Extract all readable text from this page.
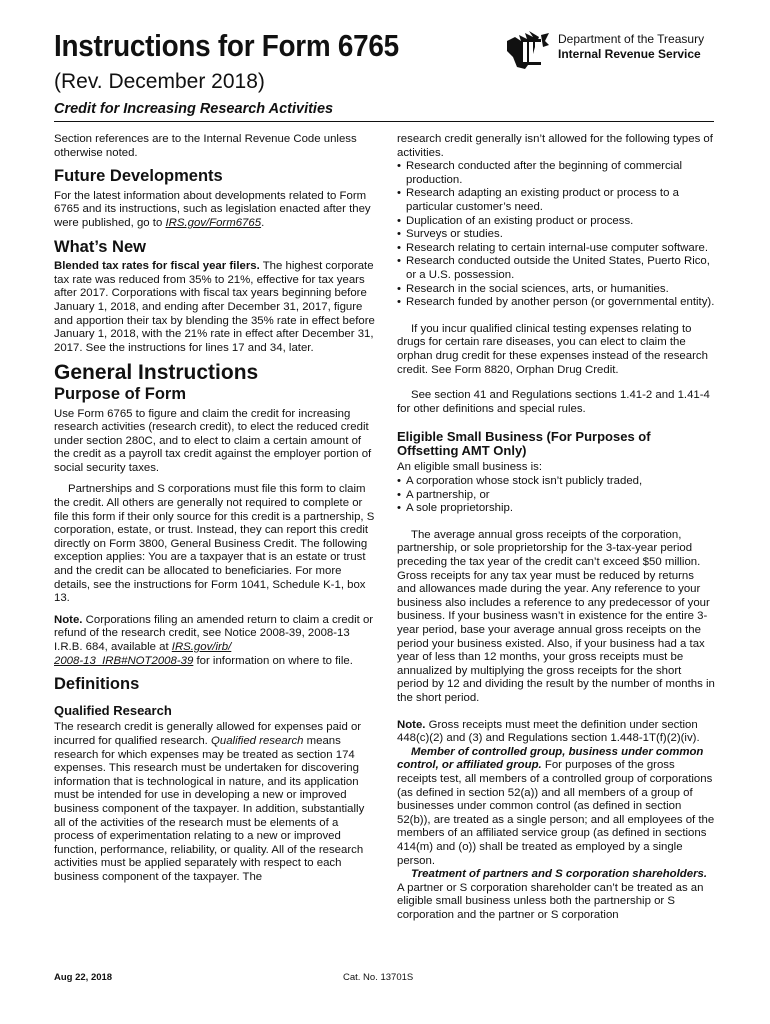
Instructions for Form 6765
(Rev. December 2018)
Credit for Increasing Research Activities
Department of the Treasury
Internal Revenue Service

Section references are to the Internal Revenue Code unless otherwise noted.

Future Developments

For the latest information about developments related to Form 6765 and its instructions, such as legislation enacted after they were published, go to IRS.gov/Form6765.

What’s New

Blended tax rates for fiscal year filers. The highest corporate tax rate was reduced from 35% to 21%, effective for tax years after 2017. Corporations with fiscal tax years beginning before January 1, 2018, and ending after December 31, 2017, figure and apportion their tax by blending the 35% rate in effect before January 1, 2018, with the 21% rate in effect after December 31, 2017. See the instructions for lines 17 and 34, later.

General Instructions
Purpose of Form

Use Form 6765 to figure and claim the credit for increasing research activities (research credit), to elect the reduced credit under section 280C, and to elect to claim a certain amount of the credit as a payroll tax credit against the employer portion of social security taxes.

Partnerships and S corporations must file this form to claim the credit. All others are generally not required to complete or file this form if their only source for this credit is a partnership, S corporation, estate, or trust. Instead, they can report this credit directly on Form 3800, General Business Credit. The following exception applies: You are a taxpayer that is an estate or trust and the credit can be allocated to beneficiaries. For more details, see the instructions for Form 1041, Schedule K-1, box 13.

Note. Corporations filing an amended return to claim a credit or refund of the research credit, see Notice 2008-39, 2008-13 I.R.B. 684, available at IRS.gov/irb/
2008-13_IRB#NOT2008-39 for information on where to file.

Definitions
Qualified Research

The research credit is generally allowed for expenses paid or incurred for qualified research. Qualified research means research for which expenses may be treated as section 174 expenses. This research must be undertaken for discovering information that is technological in nature, and its application must be intended for use in developing a new or improved business component of the taxpayer. In addition, substantially all of the activities of the research must be elements of a process of experimentation relating to a new or improved function, performance, reliability, or quality. All of the research activities must be applied separately with respect to each business component of the taxpayer. The

research credit generally isn’t allowed for the following types of activities.

• Research conducted after the beginning of commercial production.
• Research adapting an existing product or process to a particular customer’s need.
• Duplication of an existing product or process.
• Surveys or studies.
• Research relating to certain internal-use computer software.
• Research conducted outside the United States, Puerto Rico, or a U.S. possession.
• Research in the social sciences, arts, or humanities.
• Research funded by another person (or governmental entity).

If you incur qualified clinical testing expenses relating to drugs for certain rare diseases, you can elect to claim the orphan drug credit for these expenses instead of the research credit. See Form 8820, Orphan Drug Credit.

See section 41 and Regulations sections 1.41-2 and 1.41-4 for other definitions and special rules.

Eligible Small Business (For Purposes of Offsetting AMT Only)

An eligible small business is:

• A corporation whose stock isn’t publicly traded,
• A partnership, or
• A sole proprietorship.

The average annual gross receipts of the corporation, partnership, or sole proprietorship for the 3-tax-year period preceding the tax year of the credit can’t exceed $50 million. Gross receipts for any tax year must be reduced by returns and allowances made during the year. Any reference to your business also includes a reference to any predecessor of your business. If your business wasn’t in existence for the entire 3-year period, base your average annual gross receipts on the period your business existed. Also, if your business had a tax year of less than 12 months, your gross receipts must be annualized by multiplying the gross receipts for the short period by 12 and dividing the result by the number of months in the short period.

Note. Gross receipts must meet the definition under section 448(c)(2) and (3) and Regulations section 1.448-1T(f)(2)(iv).

Member of controlled group, business under common control, or affiliated group. For purposes of the gross receipts test, all members of a controlled group of corporations (as defined in section 52(a)) and all members of a group of businesses under common control (as defined in section 52(b)), are treated as a single person; and all employees of the members of an affiliated service group (as defined in sections 414(m) and (o)) shall be treated as employed by a single person.

Treatment of partners and S corporation shareholders. A partner or S corporation shareholder can’t be treated as an eligible small business unless both the partnership or S corporation and the partner or S corporation

Aug 22, 2018	Cat. No. 13701S
